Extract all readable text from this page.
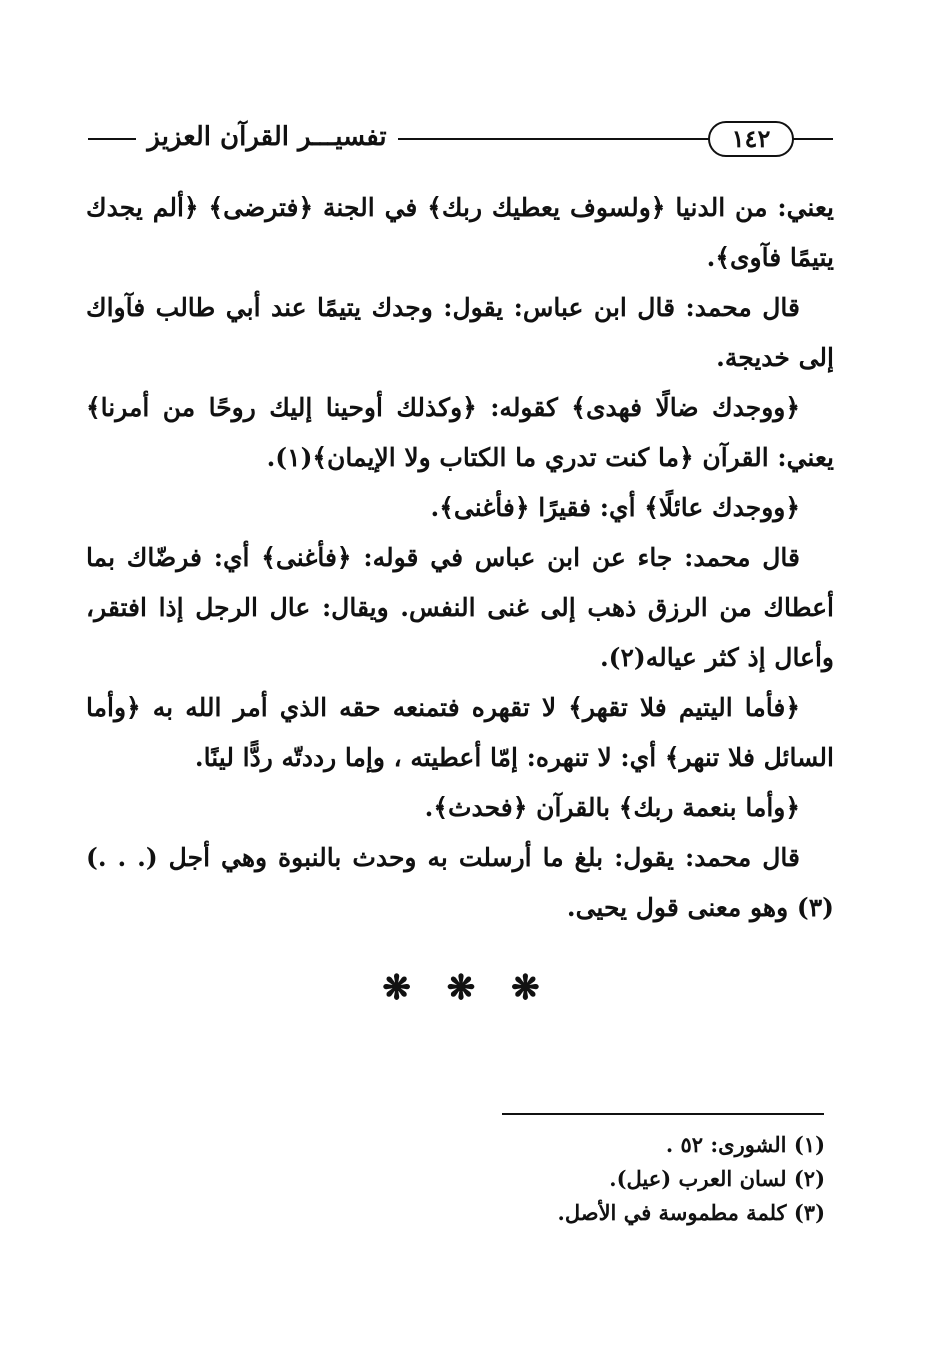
١٤٢
تفسيـــر القرآن العزيز

يعني: من الدنيا ﴿ولسوف يعطيك ربك﴾ في الجنة ﴿فترضى﴾ ﴿ألم يجدك يتيمًا فآوى﴾.

قال محمد: قال ابن عباس: يقول: وجدك يتيمًا عند أبي طالب فآواك إلى خديجة.

﴿ووجدك ضالًا فهدى﴾ كقوله: ﴿وكذلك أوحينا إليك روحًا من أمرنا﴾ يعني: القرآن ﴿ما كنت تدري ما الكتاب ولا الإيمان﴾(١).

﴿ووجدك عائلًا﴾ أي: فقيرًا ﴿فأغنى﴾.

قال محمد: جاء عن ابن عباس في قوله: ﴿فأغنى﴾ أي: فرضّاك بما أعطاك من الرزق ذهب إلى غنى النفس. ويقال: عال الرجل إذا افتقر، وأعال إذ كثر عياله(٢).

﴿فأما اليتيم فلا تقهر﴾ لا تقهره فتمنعه حقه الذي أمر الله به ﴿وأما السائل فلا تنهر﴾ أي: لا تنهره: إمّا أعطيته ، وإما رددتّه ردًّا لينًا.

﴿وأما بنعمة ربك﴾ بالقرآن ﴿فحدث﴾.

قال محمد: يقول: بلغ ما أرسلت به وحدث بالنبوة وهي أجل (. . .)(٣) وهو معنى قول يحيى.

❋ ❋ ❋

(١) الشورى: ٥٢ .

(٢) لسان العرب (عيل).

(٣) كلمة مطموسة في الأصل.
